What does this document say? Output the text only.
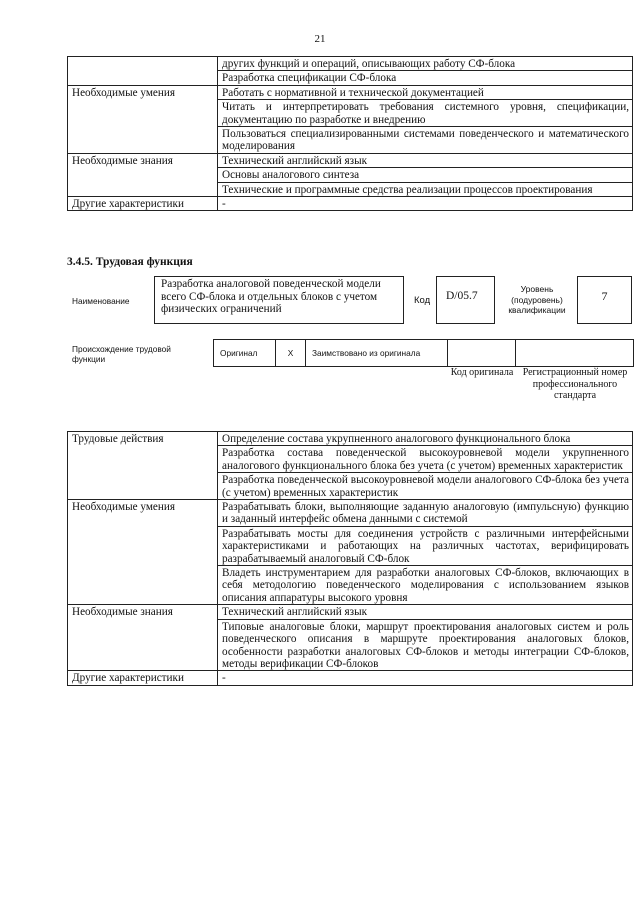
21
	других функций и операций, описывающих работу СФ-блока
	Разработка спецификации СФ-блока
Необходимые умения	Работать с нормативной и технической документацией
	Читать и интерпретировать требования системного уровня, спецификации, документацию по разработке и внедрению
	Пользоваться специализированными системами поведенческого и математического моделирования
Необходимые знания	Технический английский язык
	Основы аналогового синтеза
	Технические и программные средства реализации процессов проектирования
Другие характеристики	-
3.4.5. Трудовая функция
Наименование
Разработка аналоговой поведенческой модели всего СФ-блока и отдельных блоков с учетом физических ограничений
Код	D/05.7
Уровень (подуровень) квалификации
7
Происхождение трудовой функции
Оригинал	X	Заимствовано из оригинала
Код оригинала Регистрационный номер профессионального стандарта
Трудовые действия	Определение состава укрупненного аналогового функционального блока
	Разработка состава поведенческой высокоуровневой модели укрупненного аналогового функционального блока без учета (с учетом) временных характеристик
	Разработка поведенческой высокоуровневой модели аналогового СФ-блока без учета (с учетом) временных характеристик
Необходимые умения	Разрабатывать блоки, выполняющие заданную аналоговую (импульсную) функцию и заданный интерфейс обмена данными с системой
	Разрабатывать мосты для соединения устройств с различными интерфейсными характеристиками и работающих на различных частотах, верифицировать разрабатываемый аналоговый СФ-блок
	Владеть инструментарием для разработки аналоговых СФ-блоков, включающих в себя методологию поведенческого моделирования с использованием языков описания аппаратуры высокого уровня
Необходимые знания	Технический английский язык
	Типовые аналоговые блоки, маршрут проектирования аналоговых систем и роль поведенческого описания в маршруте проектирования аналоговых блоков, особенности разработки аналоговых СФ-блоков и методы интеграции СФ-блоков, методы верификации СФ-блоков
Другие характеристики	-
